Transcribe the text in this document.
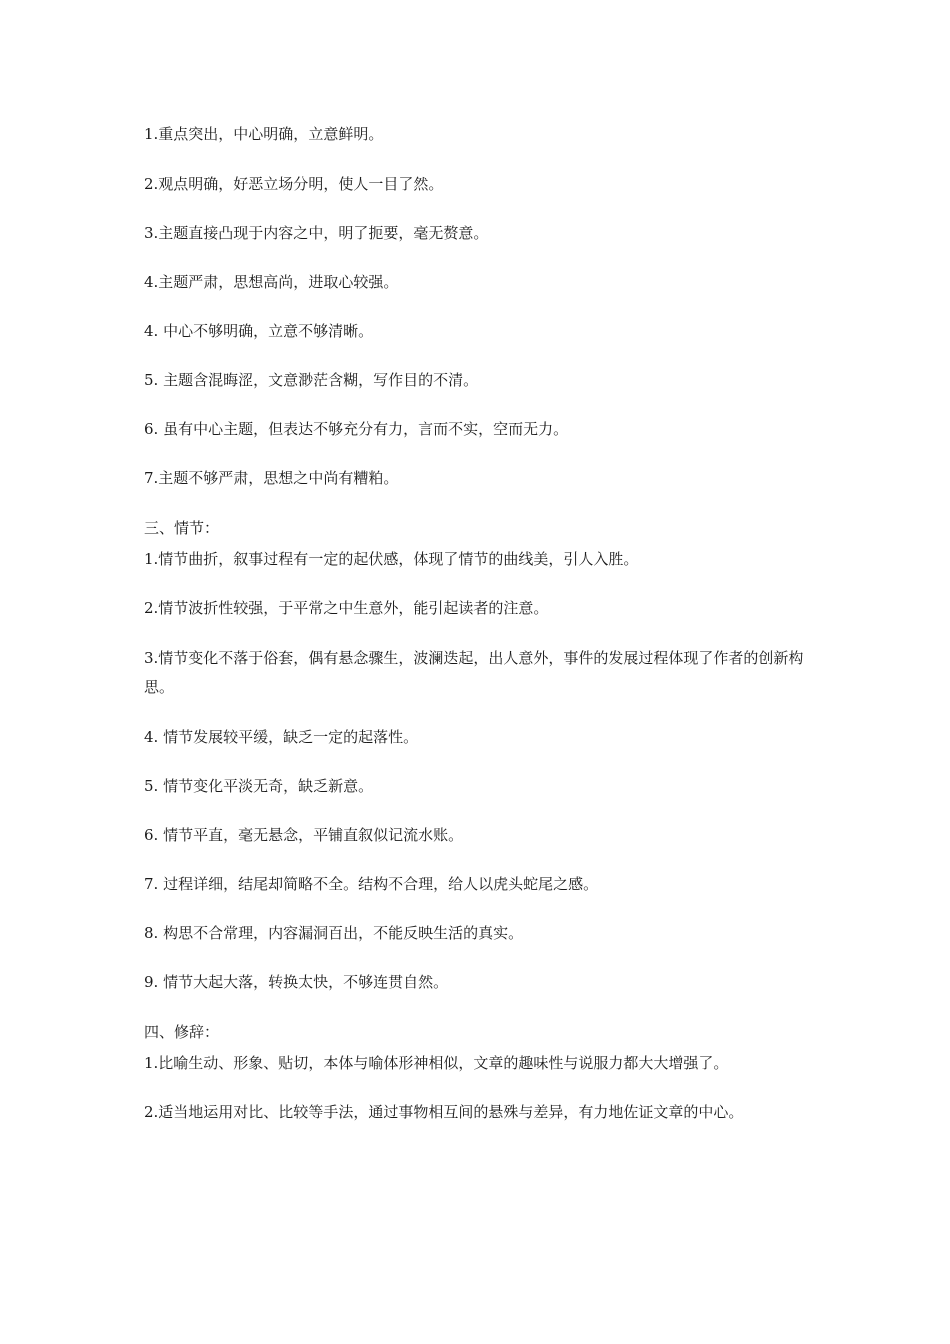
1.重点突出，中心明确，立意鲜明。
2.观点明确，好恶立场分明，使人一目了然。
3.主题直接凸现于内容之中，明了扼要，毫无赘意。
4.主题严肃，思想高尚，进取心较强。
4. 中心不够明确，立意不够清晰。
5. 主题含混晦涩，文意渺茫含糊，写作目的不清。
6. 虽有中心主题，但表达不够充分有力，言而不实，空而无力。
7.主题不够严肃，思想之中尚有糟粕。
三、情节：
1.情节曲折，叙事过程有一定的起伏感，体现了情节的曲线美，引人入胜。
2.情节波折性较强，于平常之中生意外，能引起读者的注意。
3.情节变化不落于俗套，偶有悬念骤生，波澜迭起，出人意外，事件的发展过程体现了作者的创新构思。
4. 情节发展较平缓，缺乏一定的起落性。
5. 情节变化平淡无奇，缺乏新意。
6. 情节平直，毫无悬念，平铺直叙似记流水账。
7. 过程详细，结尾却简略不全。结构不合理，给人以虎头蛇尾之感。
8. 构思不合常理，内容漏洞百出，不能反映生活的真实。
9. 情节大起大落，转换太快，不够连贯自然。
四、修辞：
1.比喻生动、形象、贴切，本体与喻体形神相似，文章的趣味性与说服力都大大增强了。
2.适当地运用对比、比较等手法，通过事物相互间的悬殊与差异，有力地佐证文章的中心。
